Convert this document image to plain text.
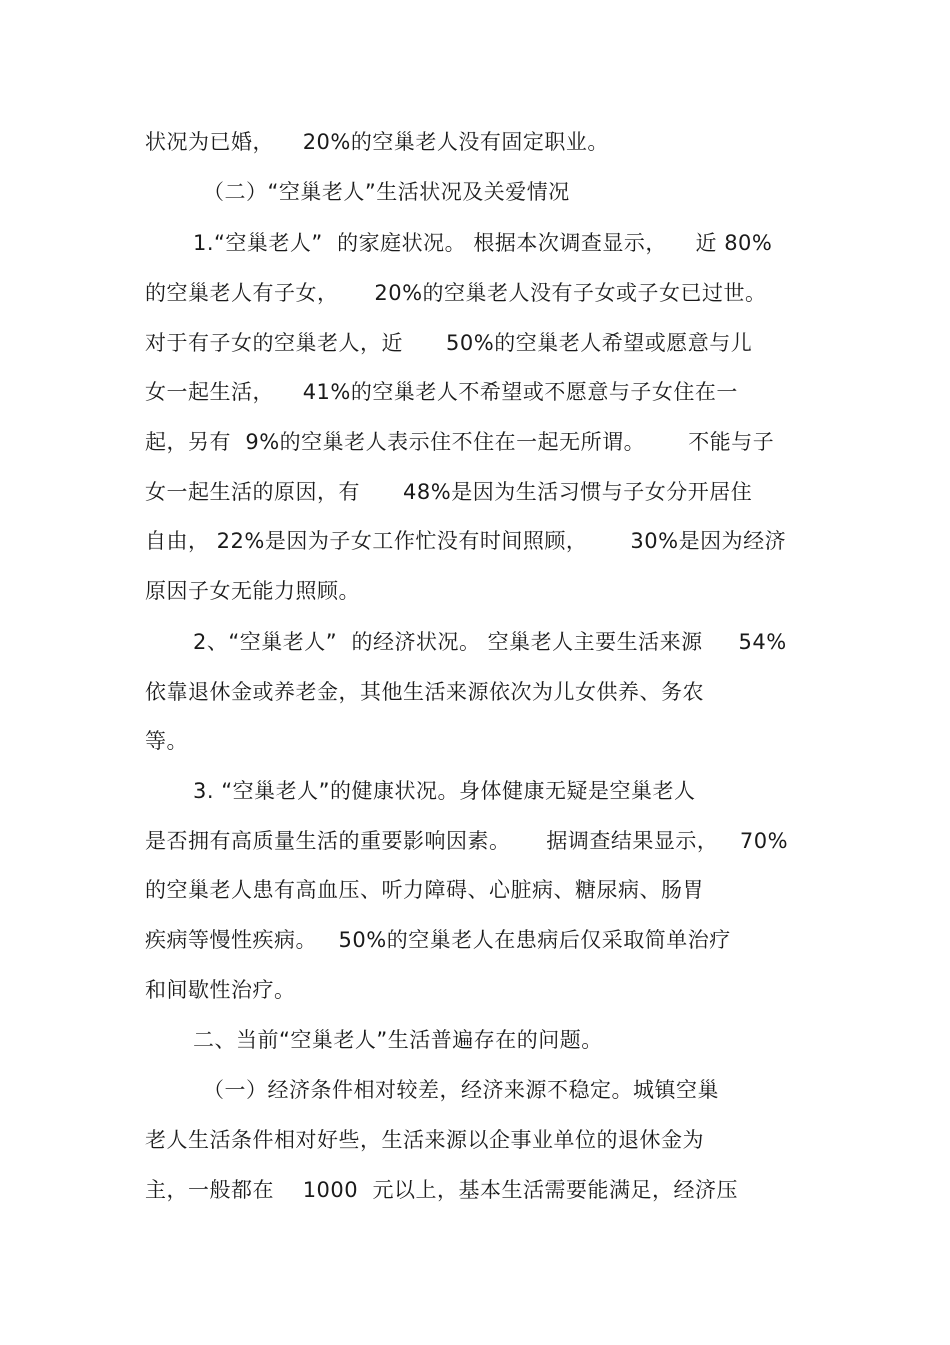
状况为已婚，    20%的空巢老人没有固定职业。
（二）“空巢老人”生活状况及关爱情况
1.“空巢老人”  的家庭状况。 根据本次调查显示，    近 80%
的空巢老人有子女，     20%的空巢老人没有子女或子女已过世。
对于有子女的空巢老人，近      50%的空巢老人希望或愿意与儿
女一起生活，    41%的空巢老人不希望或不愿意与子女住在一
起，另有  9%的空巢老人表示住不住在一起无所谓。      不能与子
女一起生活的原因，有      48%是因为生活习惯与子女分开居住
自由， 22%是因为子女工作忙没有时间照顾，      30%是因为经济
原因子女无能力照顾。
2、“空巢老人”  的经济状况。 空巢老人主要生活来源     54%
依靠退休金或养老金，其他生活来源依次为儿女供养、务农
等。
3. “空巢老人”的健康状况。身体健康无疑是空巢老人
是否拥有高质量生活的重要影响因素。     据调查结果显示，   70%
的空巢老人患有高血压、听力障碍、心脏病、糖尿病、肠胃
疾病等慢性疾病。   50%的空巢老人在患病后仅采取简单治疗
和间歇性治疗。
二、当前“空巢老人”生活普遍存在的问题。
（一）经济条件相对较差，经济来源不稳定。城镇空巢
老人生活条件相对好些，生活来源以企事业单位的退休金为
主，一般都在    1000  元以上，基本生活需要能满足，经济压
